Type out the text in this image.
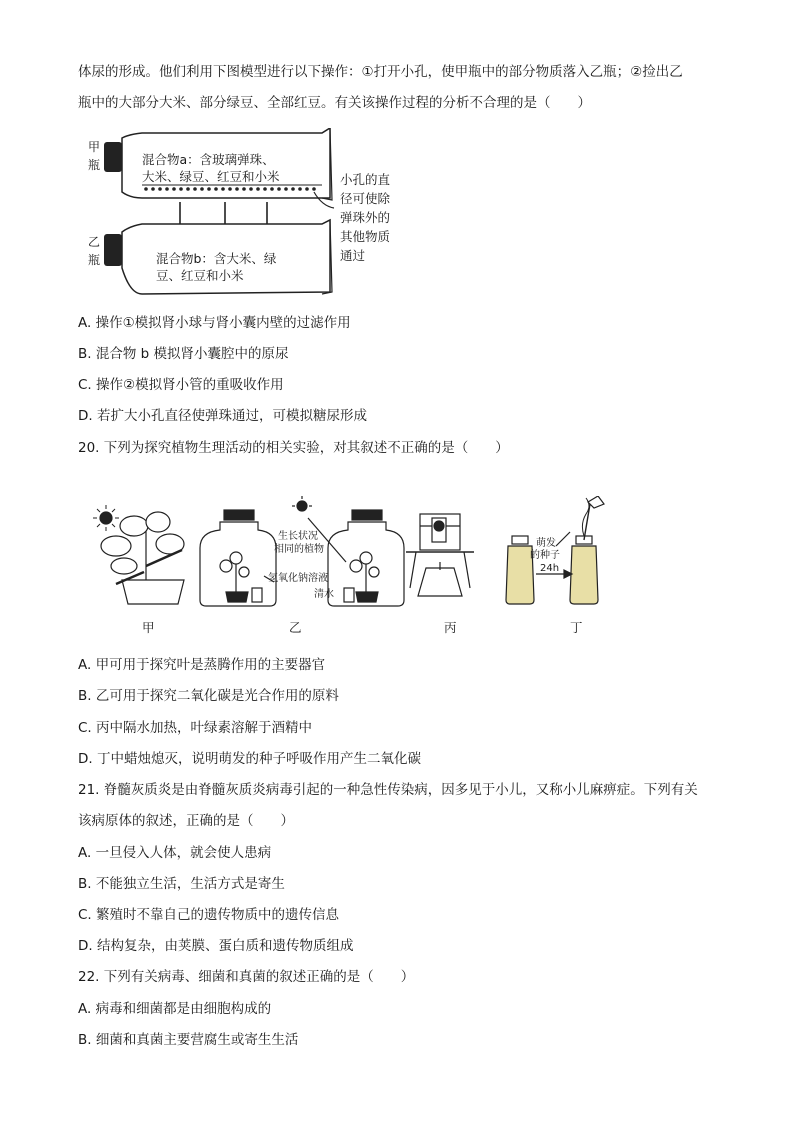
体尿的形成。他们利用下图模型进行以下操作：①打开小孔，使甲瓶中的部分物质落入乙瓶；②捡出乙
瓶中的大部分大米、部分绿豆、全部红豆。有关该操作过程的分析不合理的是（　　）
甲
瓶
乙
瓶
混合物a：含玻璃弹珠、
大米、绿豆、红豆和小米
混合物b：含大米、绿
豆、红豆和小米
小孔的直
径可使除
弹珠外的
其他物质
通过
A. 操作①模拟肾小球与肾小囊内壁的过滤作用
B. 混合物 b 模拟肾小囊腔中的原尿
C. 操作②模拟肾小管的重吸收作用
D. 若扩大小孔直径使弹珠通过，可模拟糖尿形成
20. 下列为探究植物生理活动的相关实验，对其叙述不正确的是（　　）
生长状况
相同的植物
氢氧化钠溶液
清水
萌发
的种子
24h
甲	乙	丙	丁
A. 甲可用于探究叶是蒸腾作用的主要器官
B. 乙可用于探究二氧化碳是光合作用的原料
C. 丙中隔水加热，叶绿素溶解于酒精中
D. 丁中蜡烛熄灭，说明萌发的种子呼吸作用产生二氧化碳
21. 脊髓灰质炎是由脊髓灰质炎病毒引起的一种急性传染病，因多见于小儿，又称小儿麻痹症。下列有关
该病原体的叙述，正确的是（　　）
A. 一旦侵入人体，就会使人患病
B. 不能独立生活，生活方式是寄生
C. 繁殖时不靠自己的遗传物质中的遗传信息
D. 结构复杂，由荚膜、蛋白质和遗传物质组成
22. 下列有关病毒、细菌和真菌的叙述正确的是（　　）
A. 病毒和细菌都是由细胞构成的
B. 细菌和真菌主要营腐生或寄生生活
